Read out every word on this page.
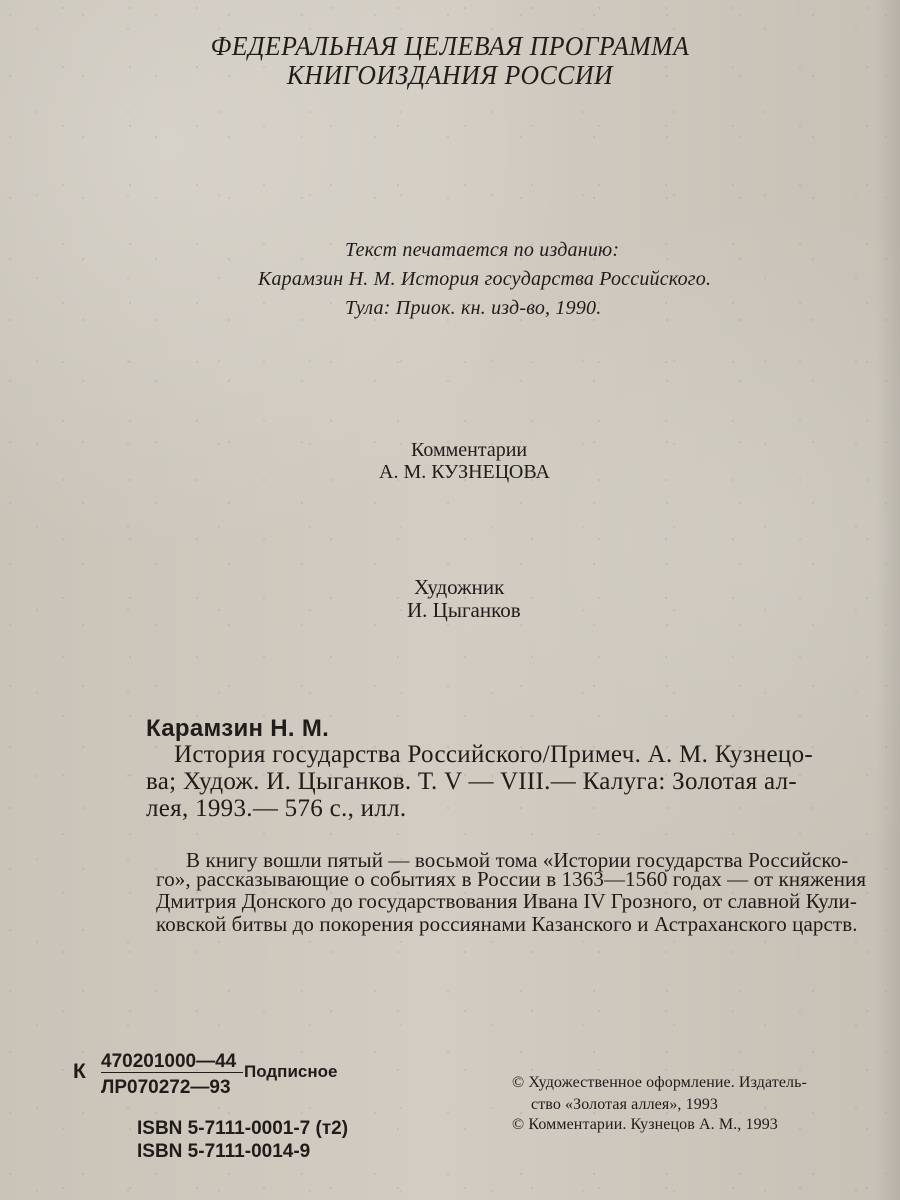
ФЕДЕРАЛЬНАЯ ЦЕЛЕВАЯ ПРОГРАММА
КНИГОИЗДАНИЯ РОССИИ
Текст печатается по изданию:
Карамзин Н. М. История государства Российского.
Тула: Приок. кн. изд-во, 1990.
Комментарии
А. М. КУЗНЕЦОВА
Художник
И. Цыганков
Карамзин Н. М.
История государства Российского/Примеч. А. М. Кузнецо-
ва; Худож. И. Цыганков. Т. V — VIII.— Калуга: Золотая ал-
лея, 1993.— 576 с., илл.
В книгу вошли пятый — восьмой тома «Истории государства Российско-
го», рассказывающие о событиях в России в 1363—1560 годах — от княжения
Дмитрия Донского до государствования Ивана IV Грозного, от славной Кули-
ковской битвы до покорения россиянами Казанского и Астраханского царств.
К 470201000—44
ЛР070272—93
Подписное
ISBN 5-7111-0001-7 (т2)
ISBN 5-7111-0014-9
© Художественное оформление. Издатель-
ство «Золотая аллея», 1993
© Комментарии. Кузнецов А. М., 1993
